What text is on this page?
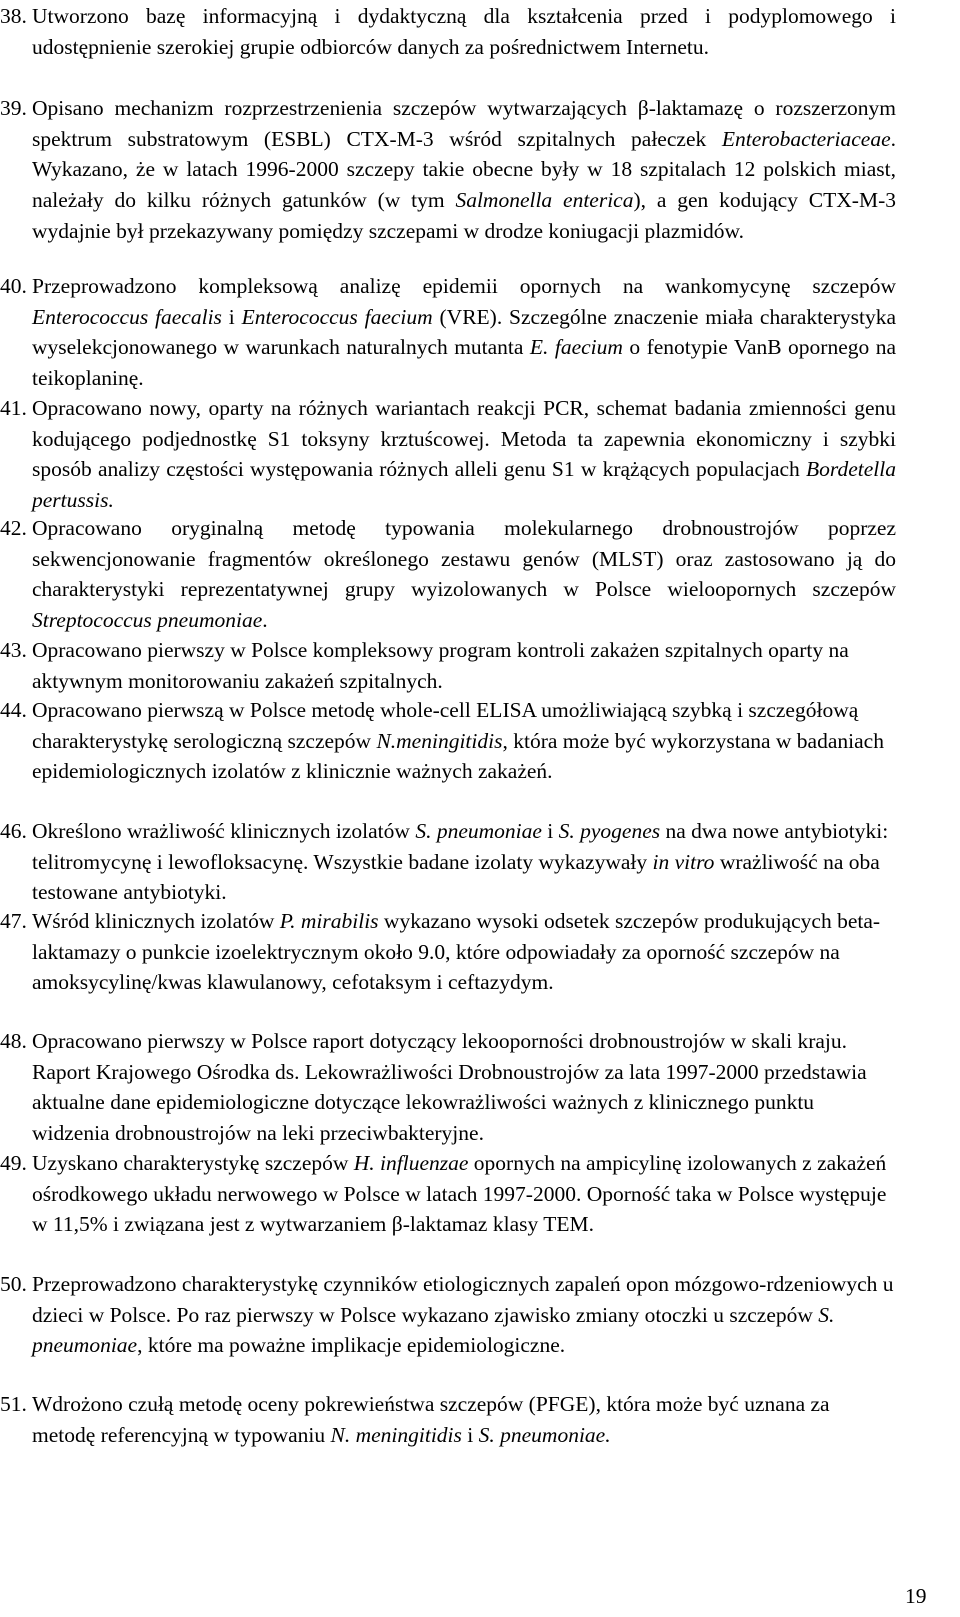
38. Utworzono bazę informacyjną i dydaktyczną dla kształcenia przed i podyplomowego i udostępnienie szerokiej grupie odbiorców danych za pośrednictwem Internetu.
39. Opisano mechanizm rozprzestrzenienia szczepów wytwarzających β-laktamazę o rozszerzonym spektrum substratowym (ESBL) CTX-M-3 wśród szpitalnych pałeczek Enterobacteriaceae. Wykazano, że w latach 1996-2000 szczepy takie obecne były w 18 szpitalach 12 polskich miast, należały do kilku różnych gatunków (w tym Salmonella enterica), a gen kodujący CTX-M-3 wydajnie był przekazywany pomiędzy szczepami w drodze koniugacji plazmidów.
40. Przeprowadzono kompleksową analizę epidemii opornych na wankomycynę szczepów Enterococcus faecalis i Enterococcus faecium (VRE). Szczególne znaczenie miała charakterystyka wyselekcjonowanego w warunkach naturalnych mutanta E. faecium o fenotypie VanB opornego na teikoplaninę.
41. Opracowano nowy, oparty na różnych wariantach reakcji PCR, schemat badania zmienności genu kodującego podjednostkę S1 toksyny krztuścowej. Metoda ta zapewnia ekonomiczny i szybki sposób analizy częstości występowania różnych alleli genu S1 w krążących populacjach Bordetella pertussis.
42. Opracowano oryginalną metodę typowania molekularnego drobnoustrojów poprzez sekwencjonowanie fragmentów określonego zestawu genów (MLST) oraz zastosowano ją do charakterystyki reprezentatywnej grupy wyizolowanych w Polsce wieloopornych szczepów Streptococcus pneumoniae.
43. Opracowano pierwszy w Polsce kompleksowy program kontroli zakażen szpitalnych oparty na aktywnym monitorowaniu zakażeń szpitalnych.
44. Opracowano pierwszą w Polsce metodę whole-cell ELISA umożliwiającą szybką i szczegółową charakterystykę serologiczną szczepów N.meningitidis, która może być wykorzystana w badaniach epidemiologicznych izolatów z klinicznie ważnych zakażeń.
46. Określono wrażliwość klinicznych izolatów S. pneumoniae i S. pyogenes na dwa nowe antybiotyki: telitromycynę i lewofloksacynę. Wszystkie badane izolaty wykazywały in vitro wrażliwość na oba testowane antybiotyki.
47. Wśród klinicznych izolatów P. mirabilis wykazano wysoki odsetek szczepów produkujących beta-laktamazy o punkcie izoelektrycznym około 9.0, które odpowiadały za oporność szczepów na amoksycylinę/kwas klawulanowy, cefotaksym i ceftazydym.
48. Opracowano pierwszy w Polsce raport dotyczący lekooporności drobnoustrojów w skali kraju. Raport Krajowego Ośrodka ds. Lekowrażliwości Drobnoustrojów za lata 1997-2000 przedstawia aktualne dane epidemiologiczne dotyczące lekowrażliwości ważnych z klinicznego punktu widzenia drobnoustrojów na leki przeciwbakteryjne.
49. Uzyskano charakterystykę szczepów H. influenzae opornych na ampicylinę izolowanych z zakażeń ośrodkowego układu nerwowego w Polsce w latach 1997-2000. Oporność taka w Polsce występuje w 11,5% i związana jest z wytwarzaniem β-laktamaz klasy TEM.
50. Przeprowadzono charakterystykę czynników etiologicznych zapaleń opon mózgowo-rdzeniowych u dzieci w Polsce. Po raz pierwszy w Polsce wykazano zjawisko zmiany otoczki u szczepów S. pneumoniae, które ma poważne implikacje epidemiologiczne.
51. Wdrożono czułą metodę oceny pokrewieństwa szczepów (PFGE), która może być uznana za metodę referencyjną w typowaniu N. meningitidis i S. pneumoniae.
19
